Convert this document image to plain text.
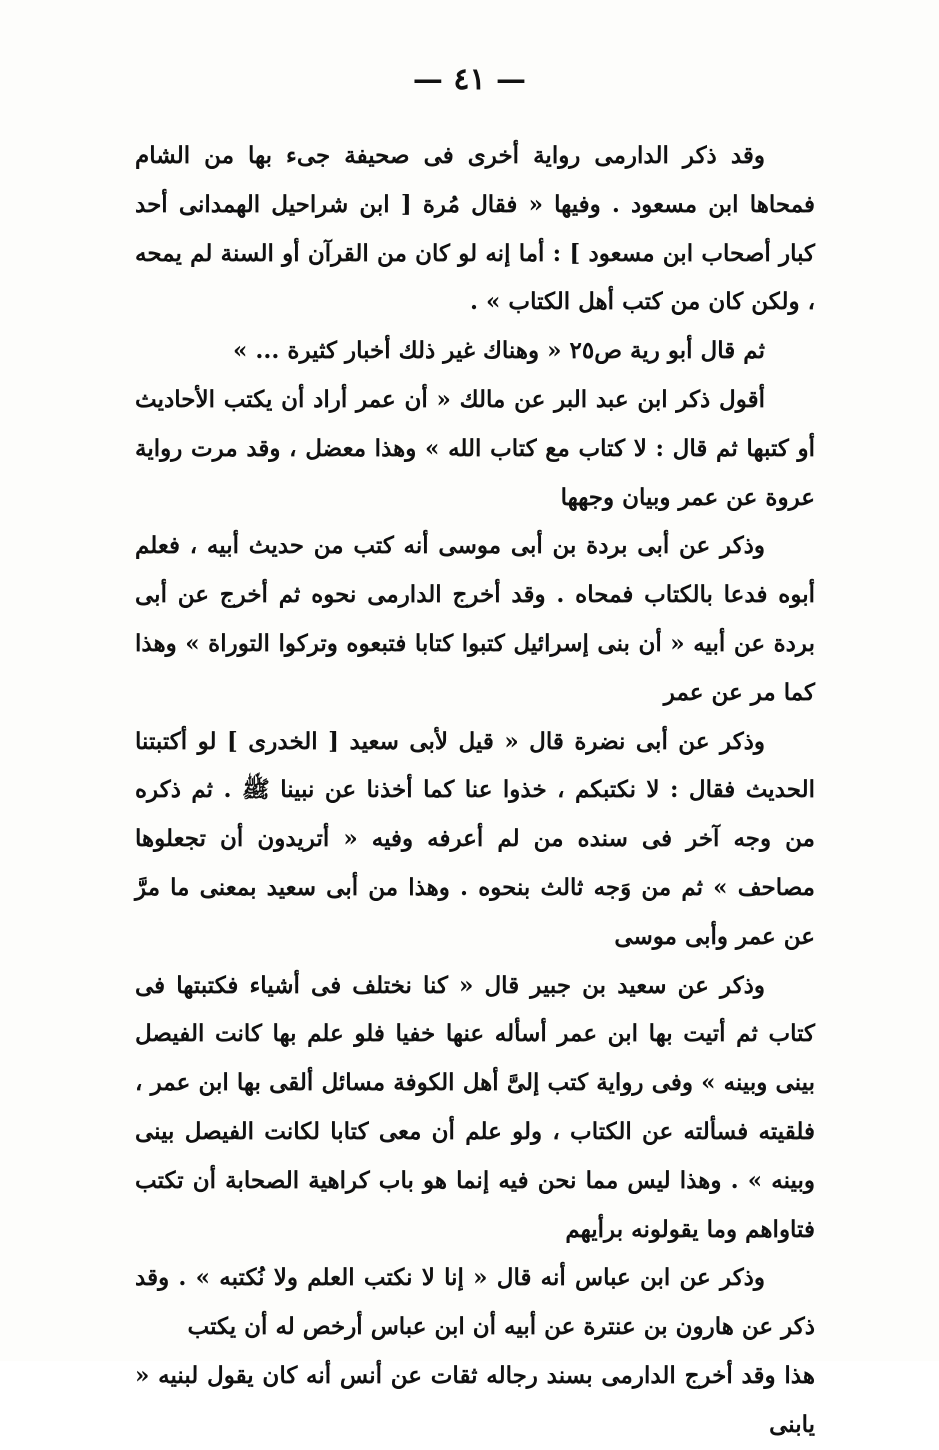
— ٤١ —

وقد ذكر الدارمى رواية أخرى فى صحيفة جىء بها من الشام فمحاها ابن مسعود . وفيها « فقال مُرة [ ابن شراحيل الهمدانى أحد كبار أصحاب ابن مسعود ] : أما إنه لو كان من القرآن أو السنة لم يمحه ، ولكن كان من كتب أهل الكتاب » .

ثم قال أبو رية ص٢٥ « وهناك غير ذلك أخبار كثيرة ... »

أقول ذكر ابن عبد البر عن مالك « أن عمر أراد أن يكتب الأحاديث أو كتبها ثم قال : لا كتاب مع كتاب الله » وهذا معضل ، وقد مرت رواية عروة عن عمر وبيان وجهها

وذكر عن أبى بردة بن أبى موسى أنه كتب من حديث أبيه ، فعلم أبوه فدعا بالكتاب فمحاه . وقد أخرج الدارمى نحوه ثم أخرج عن أبى بردة عن أبيه « أن بنى إسرائيل كتبوا كتابا فتبعوه وتركوا التوراة » وهذا كما مر عن عمر

وذكر عن أبى نضرة قال « قيل لأبى سعيد [ الخدرى ] لو أكتبتنا الحديث فقال : لا نكتبكم ، خذوا عنا كما أخذنا عن نبينا ﷺ . ثم ذكره من وجه آخر فى سنده من لم أعرفه وفيه « أتريدون أن تجعلوها مصاحف » ثم من وَجه ثالث بنحوه . وهذا من أبى سعيد بمعنى ما مرَّ عن عمر وأبى موسى

وذكر عن سعيد بن جبير قال « كنا نختلف فى أشياء فكتبتها فى كتاب ثم أتيت بها ابن عمر أسأله عنها خفيا فلو علم بها كانت الفيصل بينى وبينه » وفى رواية كتب إلىَّ أهل الكوفة مسائل ألقى بها ابن عمر ، فلقيته فسألته عن الكتاب ، ولو علم أن معى كتابا لكانت الفيصل بينى وبينه » . وهذا ليس مما نحن فيه إنما هو باب كراهية الصحابة أن تكتب فتاواهم وما يقولونه برأيهم

وذكر عن ابن عباس أنه قال « إنا لا نكتب العلم ولا نُكتبه » . وقد ذكر عن هارون بن عنترة عن أبيه أن ابن عباس أرخص له أن يكتب

هذا وقد أخرج الدارمى بسند رجاله ثقات عن أنس أنه كان يقول لبنيه « يابنى
